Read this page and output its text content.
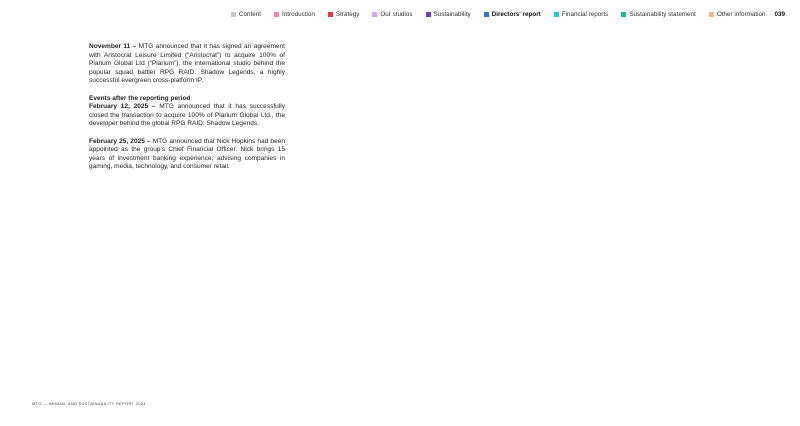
Content	Introduction	Strategy	Our studios	Sustainability	Directors' report	Financial reports	Sustainability statement	Other information 039

November 11 – MTG announced that it has signed an agreement with Aristocrat Leisure Limited (“Aristocrat”) to acquire 100% of Plarium Global Ltd (“Plarium”), the international studio behind the popular squad battler RPG RAID: Shadow Legends, a highly successful evergreen cross-platform IP.

Events after the reporting period

February 12, 2025 – MTG announced that it has successfully closed the transaction to acquire 100% of Plarium Global Ltd., the developer behind the global RPG RAID: Shadow Legends.

February 25, 2025 – MTG announced that Nick Hopkins had been appointed as the group’s Chief Financial Officer. Nick brings 15 years of investment banking experience, advising companies in gaming, media, technology, and consumer retail.

MTG — ANNUAL AND SUSTAINABILITY REPORT 2024
